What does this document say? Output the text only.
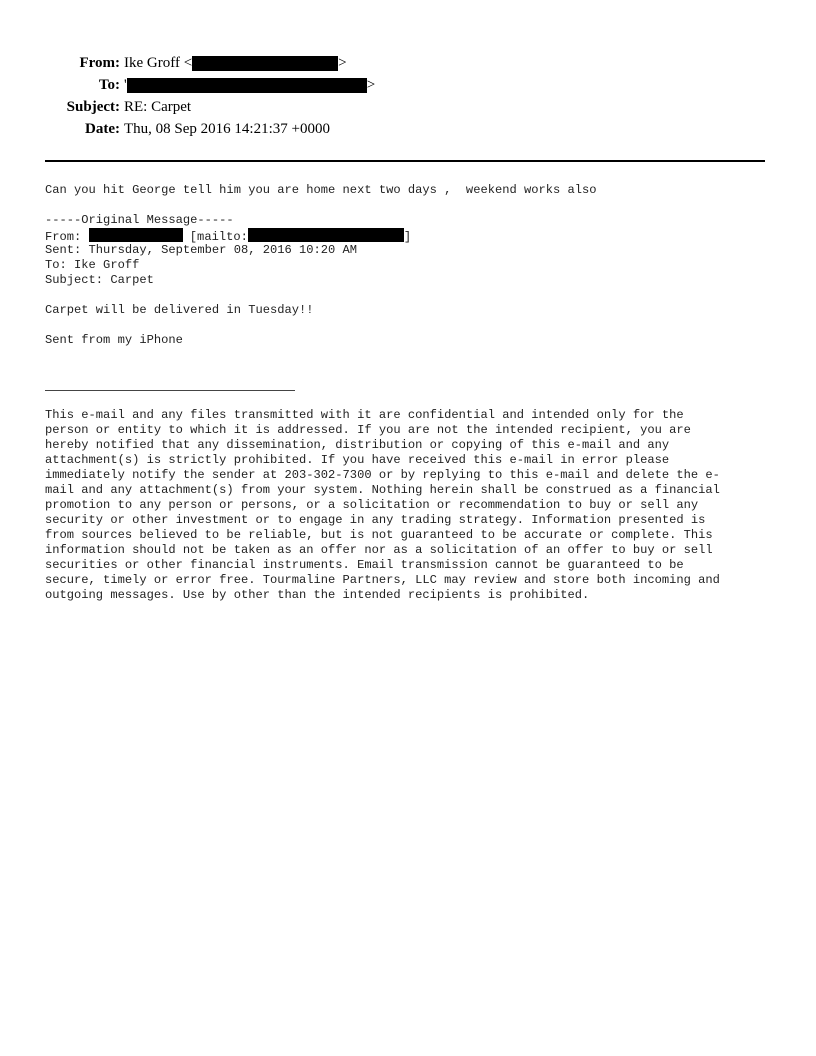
From: Ike Groff <	>
To: '	>
Subject: RE: Carpet
Date: Thu, 08 Sep 2016 14:21:37 +0000
Can you hit George tell him you are home next two days ,  weekend works also
-----Original Message-----
From:	[mailto:	]
Sent: Thursday, September 08, 2016 10:20 AM
To: Ike Groff
Subject: Carpet
Carpet will be delivered in Tuesday!!
Sent from my iPhone
This e-mail and any files transmitted with it are confidential and intended only for the
person or entity to which it is addressed. If you are not the intended recipient, you are
hereby notified that any dissemination, distribution or copying of this e-mail and any
attachment(s) is strictly prohibited. If you have received this e-mail in error please
immediately notify the sender at 203-302-7300 or by replying to this e-mail and delete the e-
mail and any attachment(s) from your system. Nothing herein shall be construed as a financial
promotion to any person or persons, or a solicitation or recommendation to buy or sell any
security or other investment or to engage in any trading strategy. Information presented is
from sources believed to be reliable, but is not guaranteed to be accurate or complete. This
information should not be taken as an offer nor as a solicitation of an offer to buy or sell
securities or other financial instruments. Email transmission cannot be guaranteed to be
secure, timely or error free. Tourmaline Partners, LLC may review and store both incoming and
outgoing messages. Use by other than the intended recipients is prohibited.
